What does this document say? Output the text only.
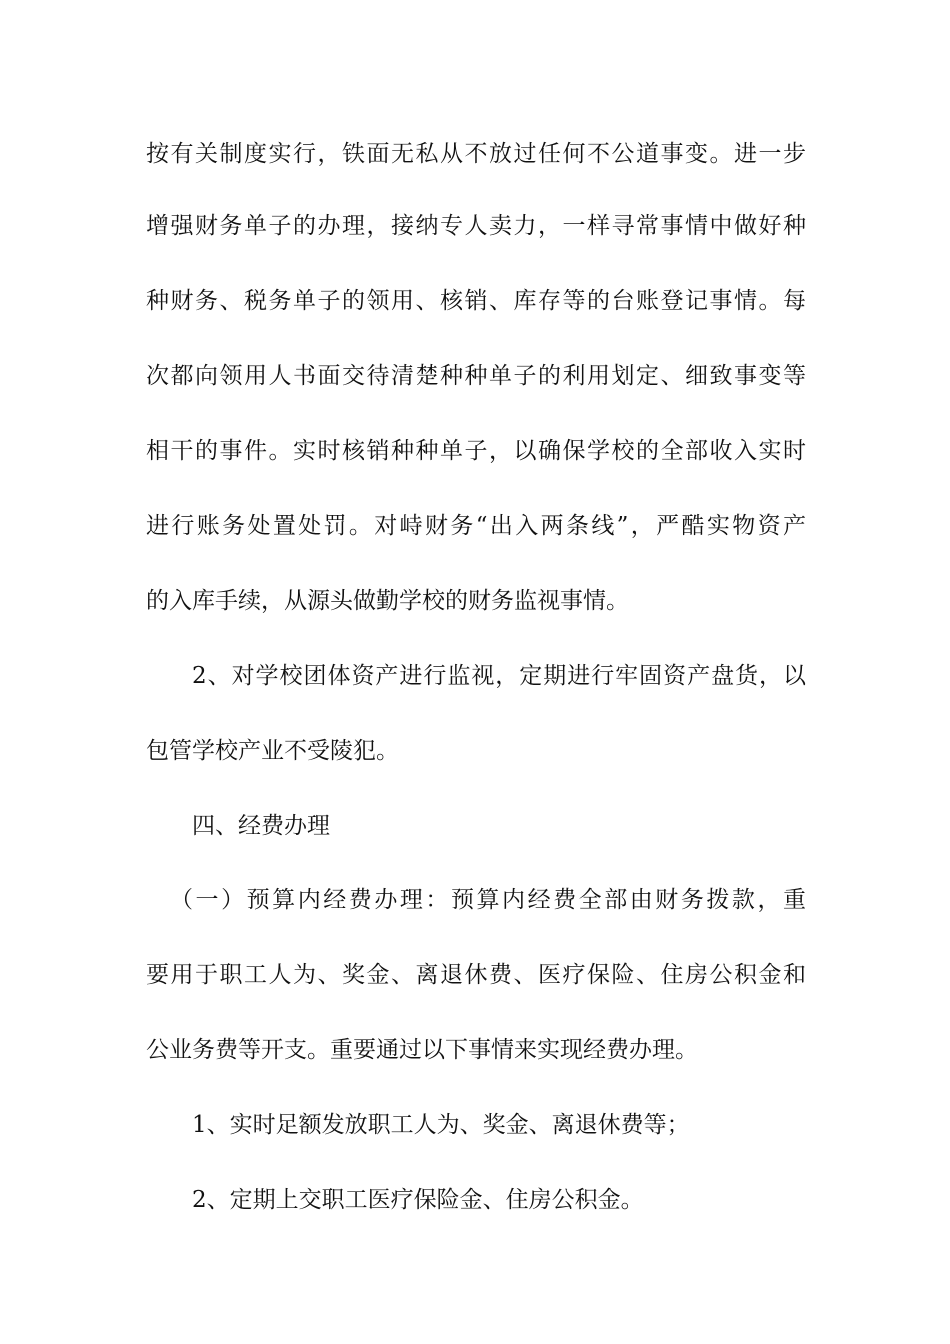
按有关制度实行，铁面无私从不放过任何不公道事变。进一步
增强财务单子的办理，接纳专人卖力，一样寻常事情中做好种
种财务、税务单子的领用、核销、库存等的台账登记事情。每
次都向领用人书面交待清楚种种单子的利用划定、细致事变等
相干的事件。实时核销种种单子，以确保学校的全部收入实时
进行账务处置处罚。对峙财务“出入两条线”，严酷实物资产
的入库手续，从源头做勤学校的财务监视事情。
2、对学校团体资产进行监视，定期进行牢固资产盘货，以
包管学校产业不受陵犯。
四、经费办理
（一）预算内经费办理：预算内经费全部由财务拨款，重
要用于职工人为、奖金、离退休费、医疗保险、住房公积金和
公业务费等开支。重要通过以下事情来实现经费办理。
1、实时足额发放职工人为、奖金、离退休费等；
2、定期上交职工医疗保险金、住房公积金。
